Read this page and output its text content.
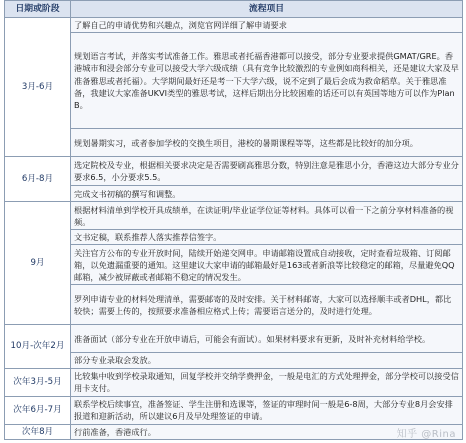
日期或阶段	流程项目
3月-6月	了解自己的申请优势和兴趣点，浏览官网详细了解申请要求
	规划语言考试，并落实考试准备工作。雅思或者托福香港都可以接受，部分专业要求提供GMAT/GRE。香港城市和浸会部分专业可以接受大学六级成绩（具有竞争比较激烈的专业例如商科相关，还是建议大家及早准备雅思或者托福）。大学期间最好还是考一下大学六级，说不定到了最后会成为救命稻草。关于雅思准备，我建议大家准备UKVI类型的雅思考试，这样后期出分比较困难的话还可以有英国等地方可以作为Plan B。
	规划暑期实习，或者参加学校的交换生项目，港校的暑期课程等等，这些都是比较好的加分项。
6月-8月	选定院校及专业，根据相关要求决定是否需要刷高雅思分数，特别注意是雅思小分，香港这边大部分专业分要求6.5，小分要求5.5。
	完成文书初稿的撰写和调整。
9月	根据材料清单到学校开具成绩单，在读证明/毕业证学位证等材料。具体可以看一下之前分享材料准备的视频。
	文书定稿，联系推荐人落实推荐信签字。
	关注官方公布的专业开放时间，陆续开始递交网申。申请邮箱设置成自动接收，定时查看垃圾箱、订阅邮箱，以免遗漏重要的通知。这里建议大家申请的邮箱最好是163或者新浪等比较稳定的邮箱，尽量避免QQ邮箱，减少被屏蔽或者邮箱不稳定的情况发生。
	罗列申请专业的材料处理清单，需要邮寄的及时安排。关于材料邮寄，大家可以选择顺丰或者DHL，都比较快；需要上传的，按照要求准备相应格式上传；需要语言送分的，及时进行处理。
10月-次年2月	准备面试（部分专业在开放申请后，可能会有面试）。如果材料要求有更新，及时补充材料给学校。
	部分专业录取会发放。
次年3月-5月	比较集中收到学校录取通知，回复学校并交纳学费押金，一般是电汇的方式处理押金，部分学校可以接受信用卡支付。
次年6月-7月	联系学校后续事宜，准备签证、学生注册和选课等，签证的审理时间一般是6-8周，大部分专业8月会安排报道和迎新活动，所以建议6月及早处理签证的申请。
次年8月	行前准备，香港成行。	知乎 @Rina
